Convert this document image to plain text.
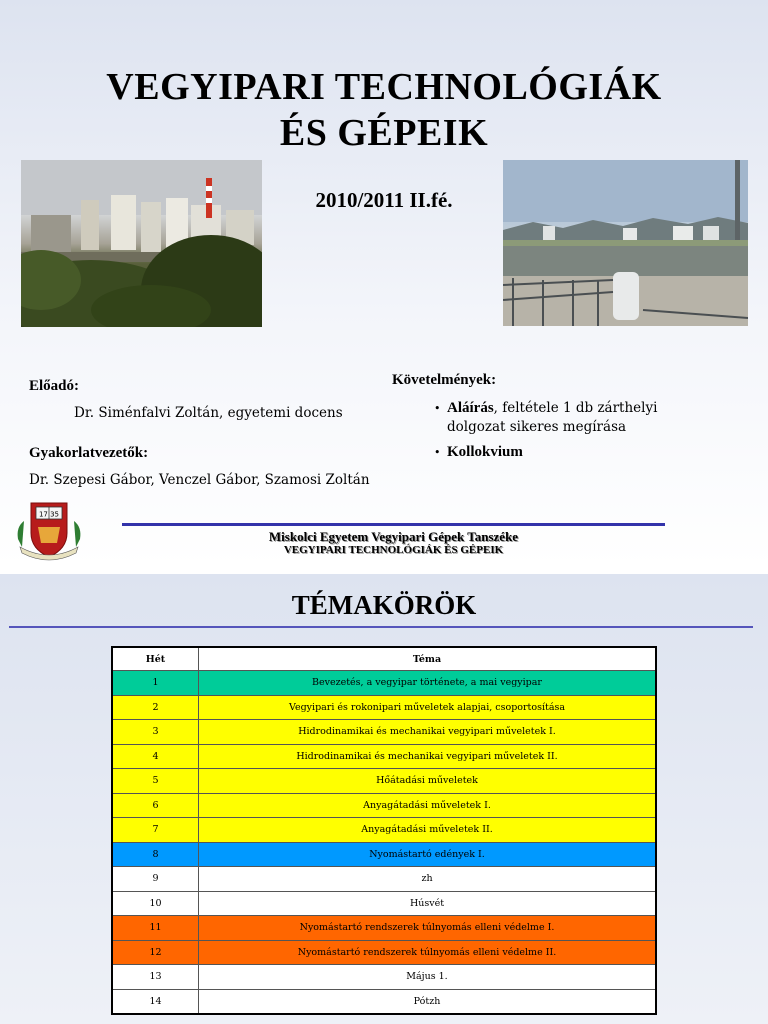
VEGYIPARI TECHNOLÓGIÁK
ÉS GÉPEIK
2010/2011 II.fé.
Előadó:
Dr. Siménfalvi Zoltán, egyetemi docens
Gyakorlatvezetők:
Dr. Szepesi Gábor, Venczel Gábor, Szamosi Zoltán
Követelmények:
• Aláírás, feltétele 1 db zárthelyi
dolgozat sikeres megírása
• Kollokvium
17 35
Miskolci Egyetem Vegyipari Gépek Tanszéke
VEGYIPARI TECHNOLÓGIÁK ÉS GÉPEIK
TÉMAKÖRÖK
Hét	Téma
1	Bevezetés, a vegyipar története, a mai vegyipar
2	Vegyipari és rokonipari műveletek alapjai, csoportosítása
3	Hidrodinamikai és mechanikai vegyipari műveletek I.
4	Hidrodinamikai és mechanikai vegyipari műveletek II.
5	Hőátadási műveletek
6	Anyagátadási műveletek I.
7	Anyagátadási műveletek II.
8	Nyomástartó edények I.
9	zh
10	Húsvét
11	Nyomástartó rendszerek túlnyomás elleni védelme I.
12	Nyomástartó rendszerek túlnyomás elleni védelme II.
13	Május 1.
14	Pótzh
